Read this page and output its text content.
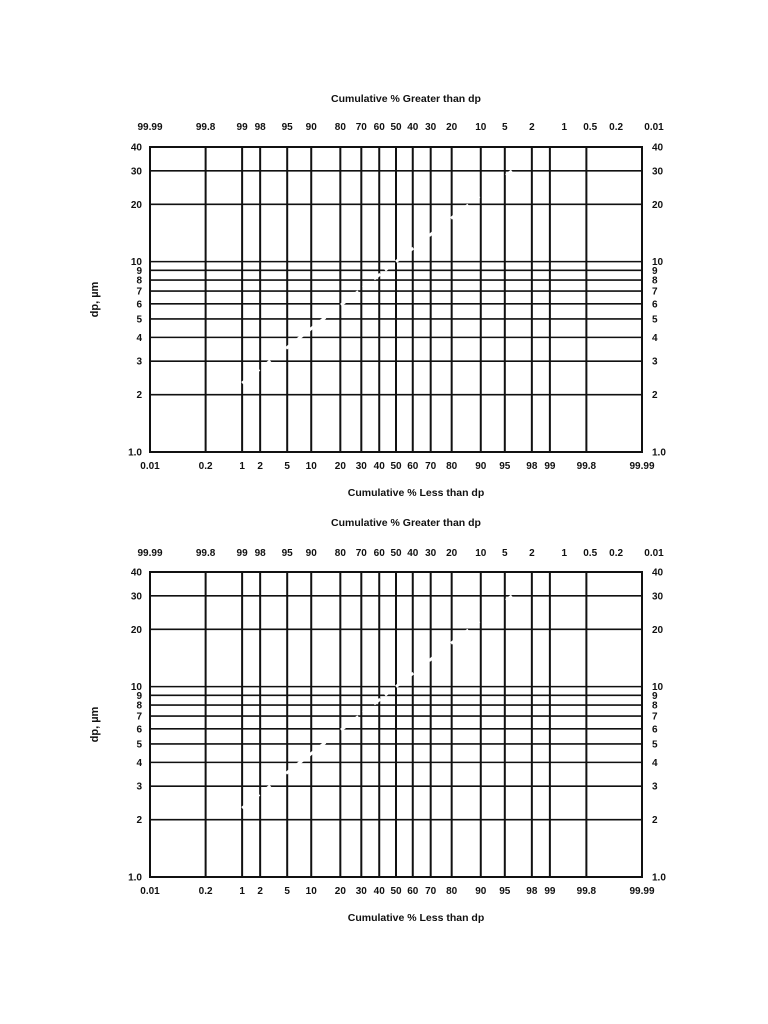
1.0	1.0
2	2
3	3
4	4
5	5
6	6
7	7
8	8
9	9
10	10
20	20
30	30
40	40
0.01	0.2	1 2 5 10 20 30 40 50 60 70 80 90 95 98 99 99.8	99.99
99.99	99.8 99 98 95 90 80 70 60 50 40 30 20 10 5 2	1 0.5 0.2 0.01
Cumulative % Greater than dp
Cumulative % Less than dp
dp, µm
1.0	1.0
2	2
3	3
4	4
5	5
6	6
7	7
8	8
9	9
10	10
20	20
30	30
40	40
0.01	0.2	1 2 5 10 20 30 40 50 60 70 80 90 95 98 99 99.8	99.99
99.99	99.8 99 98 95 90 80 70 60 50 40 30 20 10 5 2	1 0.5 0.2 0.01
Cumulative % Greater than dp
Cumulative % Less than dp
dp, µm
